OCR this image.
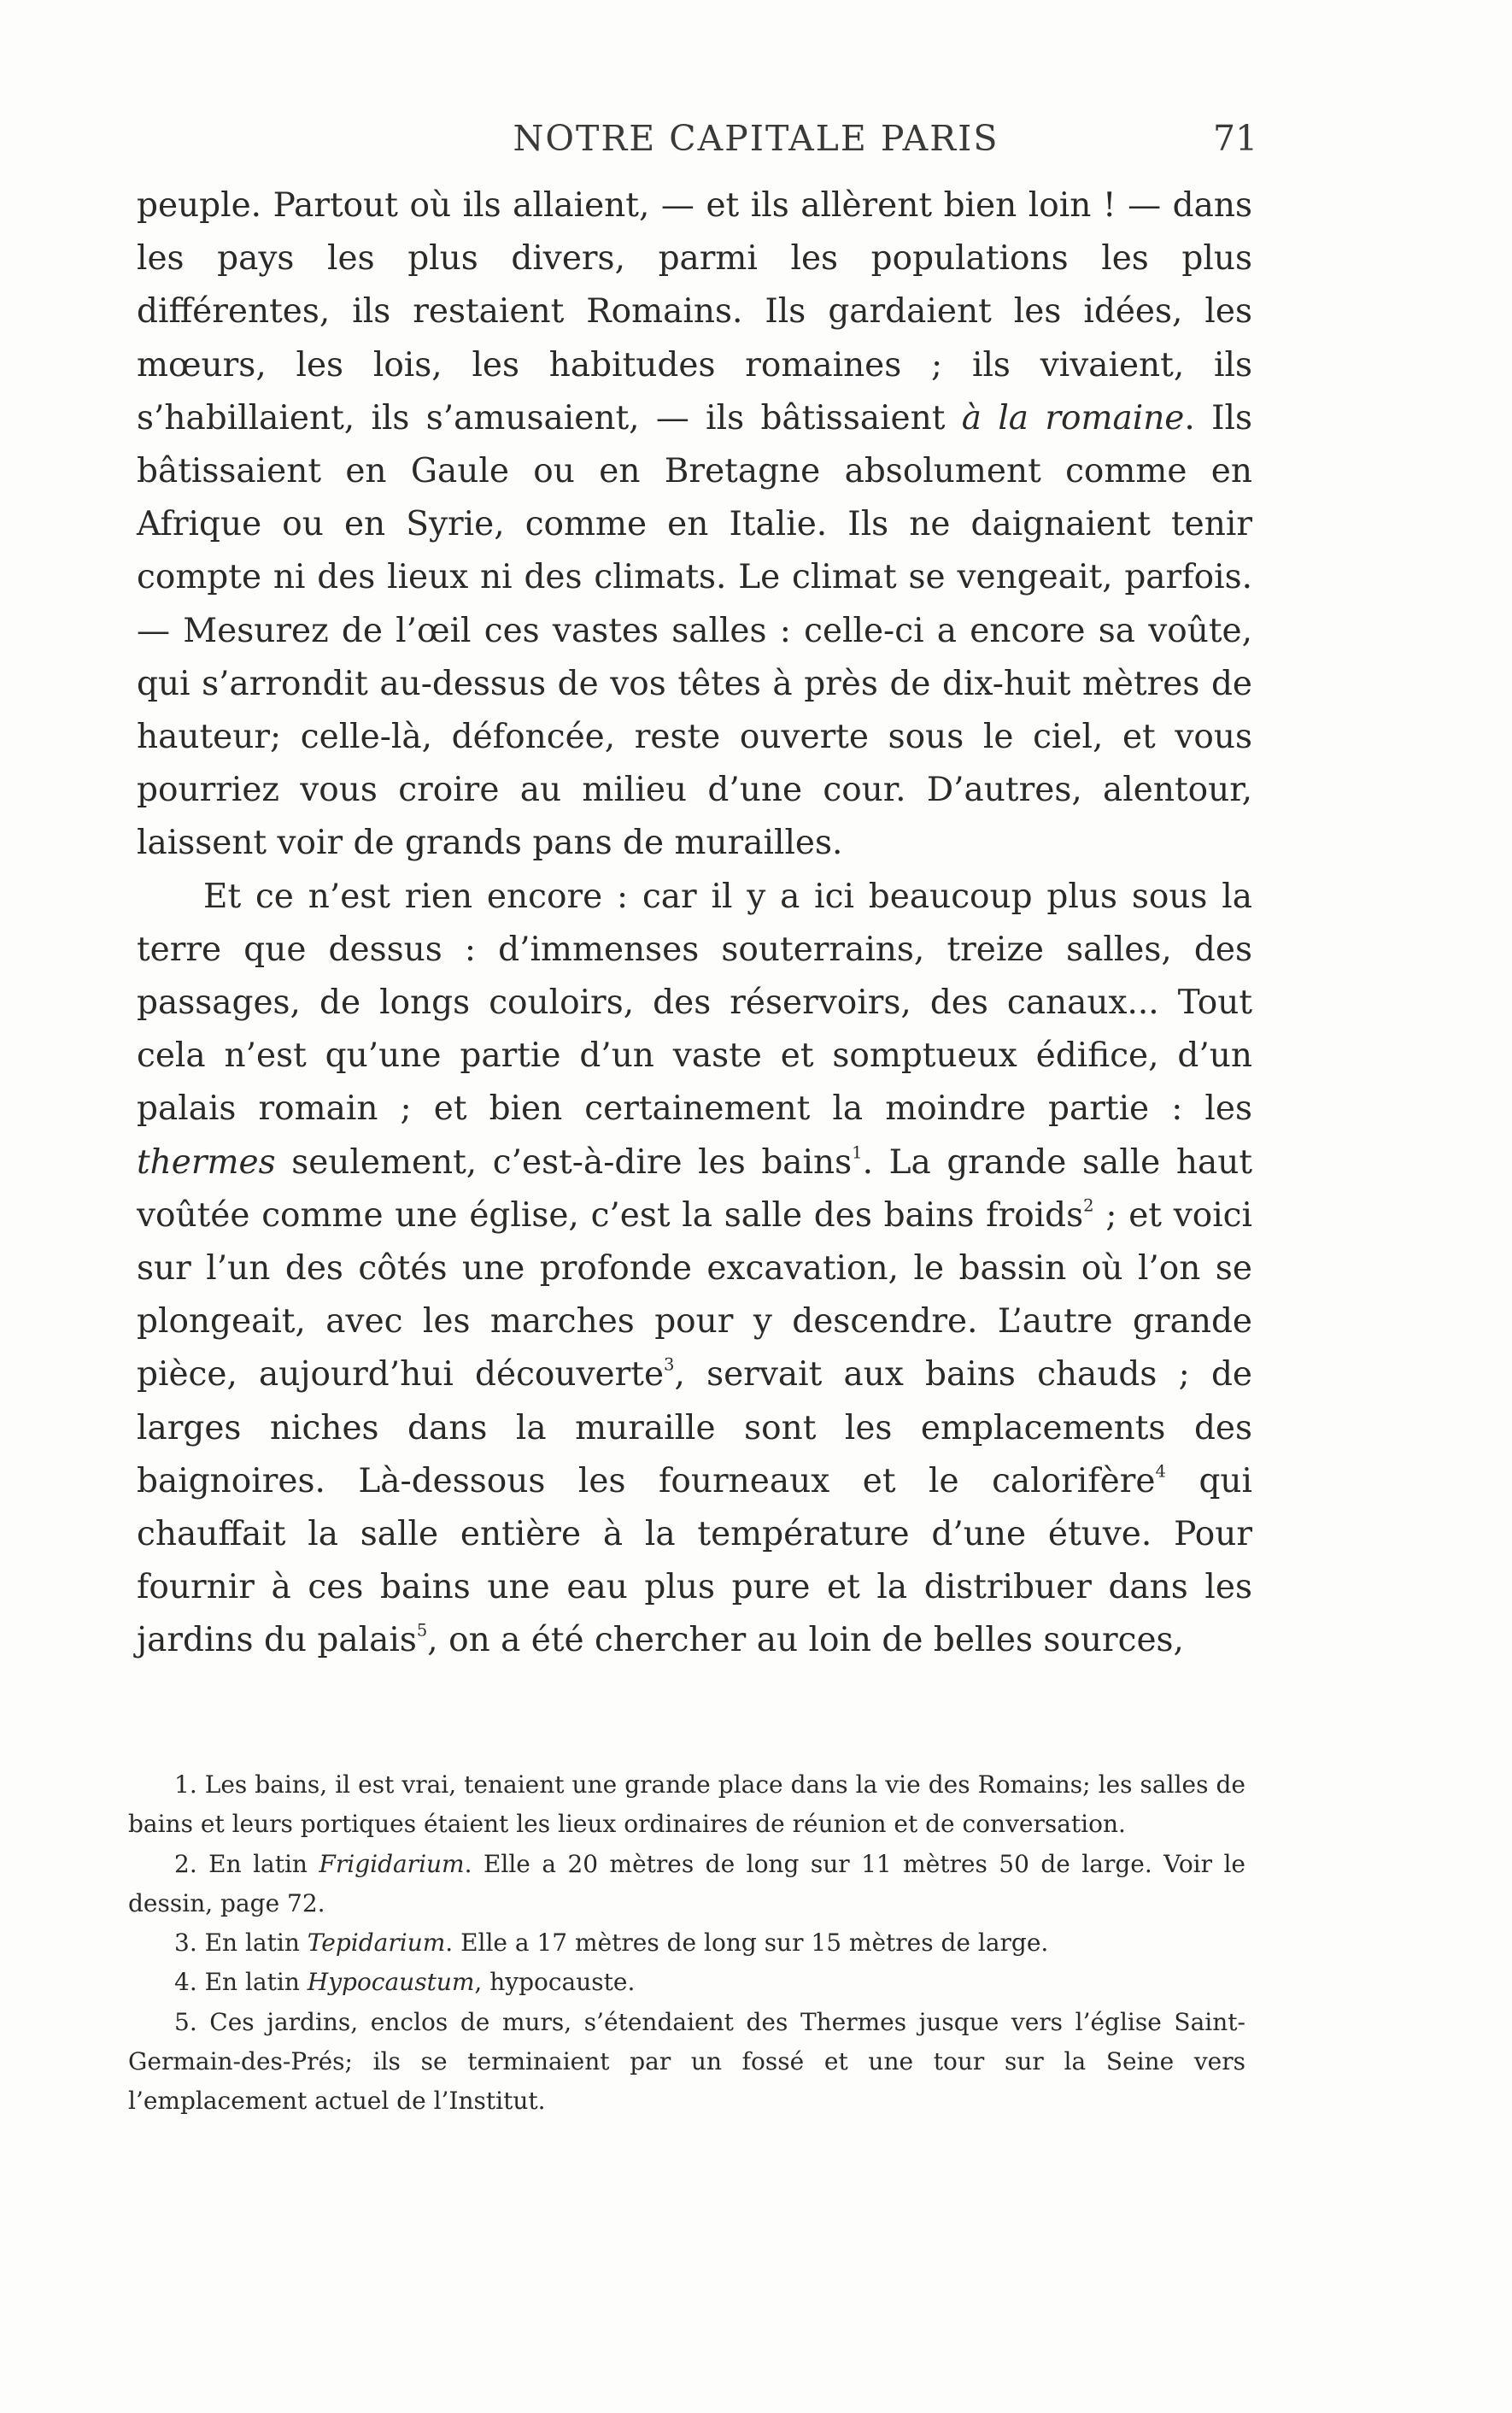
NOTRE CAPITALE PARIS	71

peuple. Partout où ils allaient, — et ils allèrent bien loin ! — dans les pays les plus divers, parmi les populations les plus différentes, ils restaient Romains. Ils gardaient les idées, les mœurs, les lois, les habitudes romaines ; ils vivaient, ils s’habillaient, ils s’amusaient, — ils bâtissaient à la romaine. Ils bâtissaient en Gaule ou en Bretagne absolument comme en Afrique ou en Syrie, comme en Italie. Ils ne daignaient tenir compte ni des lieux ni des climats. Le climat se vengeait, parfois. — Mesurez de l’œil ces vastes salles : celle-ci a encore sa voûte, qui s’arrondit au-dessus de vos têtes à près de dix-huit mètres de hauteur; celle-là, défoncée, reste ouverte sous le ciel, et vous pourriez vous croire au milieu d’une cour. D’autres, alentour, laissent voir de grands pans de murailles.

Et ce n’est rien encore : car il y a ici beaucoup plus sous la terre que dessus : d’immenses souterrains, treize salles, des passages, de longs couloirs, des réservoirs, des canaux... Tout cela n’est qu’une partie d’un vaste et somptueux édifice, d’un palais romain ; et bien certainement la moindre partie : les thermes seulement, c’est-à-dire les bains$^1$. La grande salle haut voûtée comme une église, c’est la salle des bains froids$^2$ ; et voici sur l’un des côtés une profonde excavation, le bassin où l’on se plongeait, avec les marches pour y descendre. L’autre grande pièce, aujourd’hui découverte$^3$, servait aux bains chauds ; de larges niches dans la muraille sont les emplacements des baignoires. Là-dessous les fourneaux et le calorifère$^4$ qui chauffait la salle entière à la température d’une étuve. Pour fournir à ces bains une eau plus pure et la distribuer dans les jardins du palais$^5$, on a été chercher au loin de belles sources,

1. Les bains, il est vrai, tenaient une grande place dans la vie des Romains; les salles de bains et leurs portiques étaient les lieux ordinaires de réunion et de conversation.

2. En latin Frigidarium. Elle a 20 mètres de long sur 11 mètres 50 de large. Voir le dessin, page 72.

3. En latin Tepidarium. Elle a 17 mètres de long sur 15 mètres de large.

4. En latin Hypocaustum, hypocauste.

5. Ces jardins, enclos de murs, s’étendaient des Thermes jusque vers l’église Saint-Germain-des-Prés; ils se terminaient par un fossé et une tour sur la Seine vers l’emplacement actuel de l’Institut.
